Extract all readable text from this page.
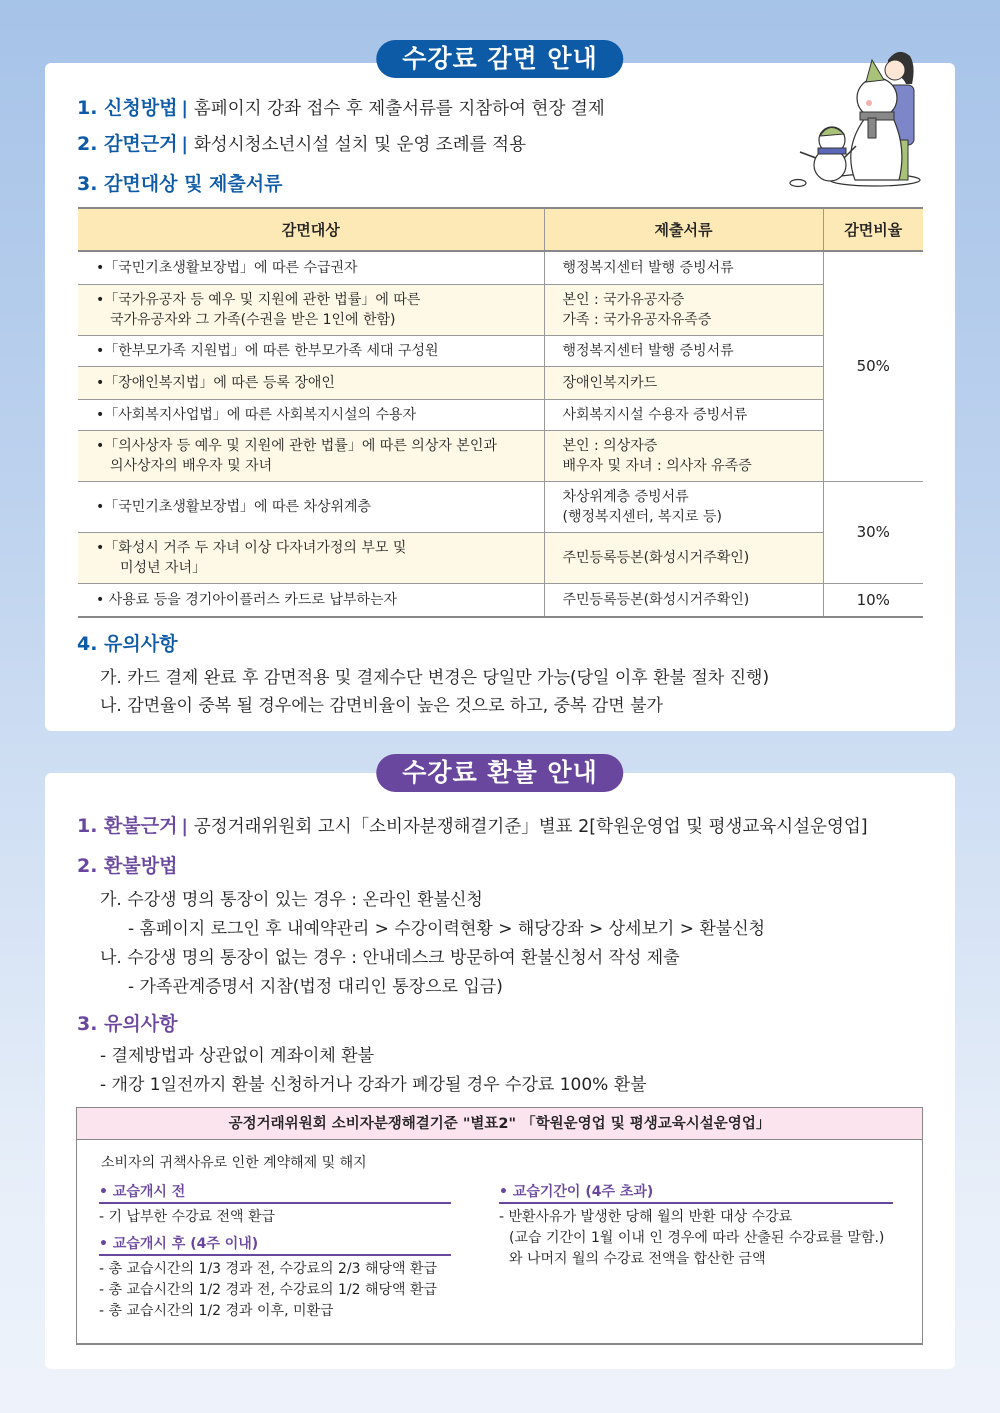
수강료 감면 안내
1. 신청방법 | 홈페이지 강좌 접수 후 제출서류를 지참하여 현장 결제
2. 감면근거 | 화성시청소년시설 설치 및 운영 조례를 적용
3. 감면대상 및 제출서류
감면대상	제출서류	감면비율
•「국민기초생활보장법」에 따른 수급권자	행정복지센터 발행 증빙서류	50%
•「국가유공자 등 예우 및 지원에 관한 법률」에 따른
국가유공자와 그 가족(수권을 받은 1인에 한함)	본인 : 국가유공자증
가족 : 국가유공자유족증	

•「한부모가족 지원법」에 따른 한부모가족 세대 구성원	행정복지센터 발행 증빙서류	
•「장애인복지법」에 따른 등록 장애인	장애인복지카드	
•「사회복지사업법」에 따른 사회복지시설의 수용자	사회복지시설 수용자 증빙서류	
•「의사상자 등 예우 및 지원에 관한 법률」에 따른 의상자 본인과
의사상자의 배우자 및 자녀	본인 : 의상자증
배우자 및 자녀 : 의사자 유족증	

•「국민기초생활보장법」에 따른 차상위계층	차상위계층 증빙서류
(행정복지센터, 복지로 등)	30%
•「화성시 거주 두 자녀 이상 다자녀가정의 부모 및
미성년 자녀」	주민등록등본(화성시거주확인)	
• 사용료 등을 경기아이플러스 카드로 납부하는자	주민등록등본(화성시거주확인)	10%
4. 유의사항
가. 카드 결제 완료 후 감면적용 및 결제수단 변경은 당일만 가능(당일 이후 환불 절차 진행)
나. 감면율이 중복 될 경우에는 감면비율이 높은 것으로 하고, 중복 감면 불가
수강료 환불 안내
1. 환불근거 | 공정거래위원회 고시「소비자분쟁해결기준」별표 2[학원운영업 및 평생교육시설운영업]
2. 환불방법
가. 수강생 명의 통장이 있는 경우 : 온라인 환불신청
- 홈페이지 로그인 후 내예약관리 > 수강이력현황 > 해당강좌 > 상세보기 > 환불신청
나. 수강생 명의 통장이 없는 경우 : 안내데스크 방문하여 환불신청서 작성 제출
- 가족관계증명서 지참(법정 대리인 통장으로 입금)
3. 유의사항
- 결제방법과 상관없이 계좌이체 환불
- 개강 1일전까지 환불 신청하거나 강좌가 폐강될 경우 수강료 100% 환불
공정거래위원회 소비자분쟁해결기준 "별표2" 「학원운영업 및 평생교육시설운영업」
소비자의 귀책사유로 인한 계약해제 및 해지
• 교습개시 전
- 기 납부한 수강료 전액 환급
• 교습개시 후 (4주 이내)
- 총 교습시간의 1/3 경과 전, 수강료의 2/3 해당액 환급
- 총 교습시간의 1/2 경과 전, 수강료의 1/2 해당액 환급
- 총 교습시간의 1/2 경과 이후, 미환급
• 교습기간이 (4주 초과)
- 반환사유가 발생한 당해 월의 반환 대상 수강료
(교습 기간이 1월 이내 인 경우에 따라 산출된 수강료를 말함.)
와 나머지 월의 수강료 전액을 합산한 금액
